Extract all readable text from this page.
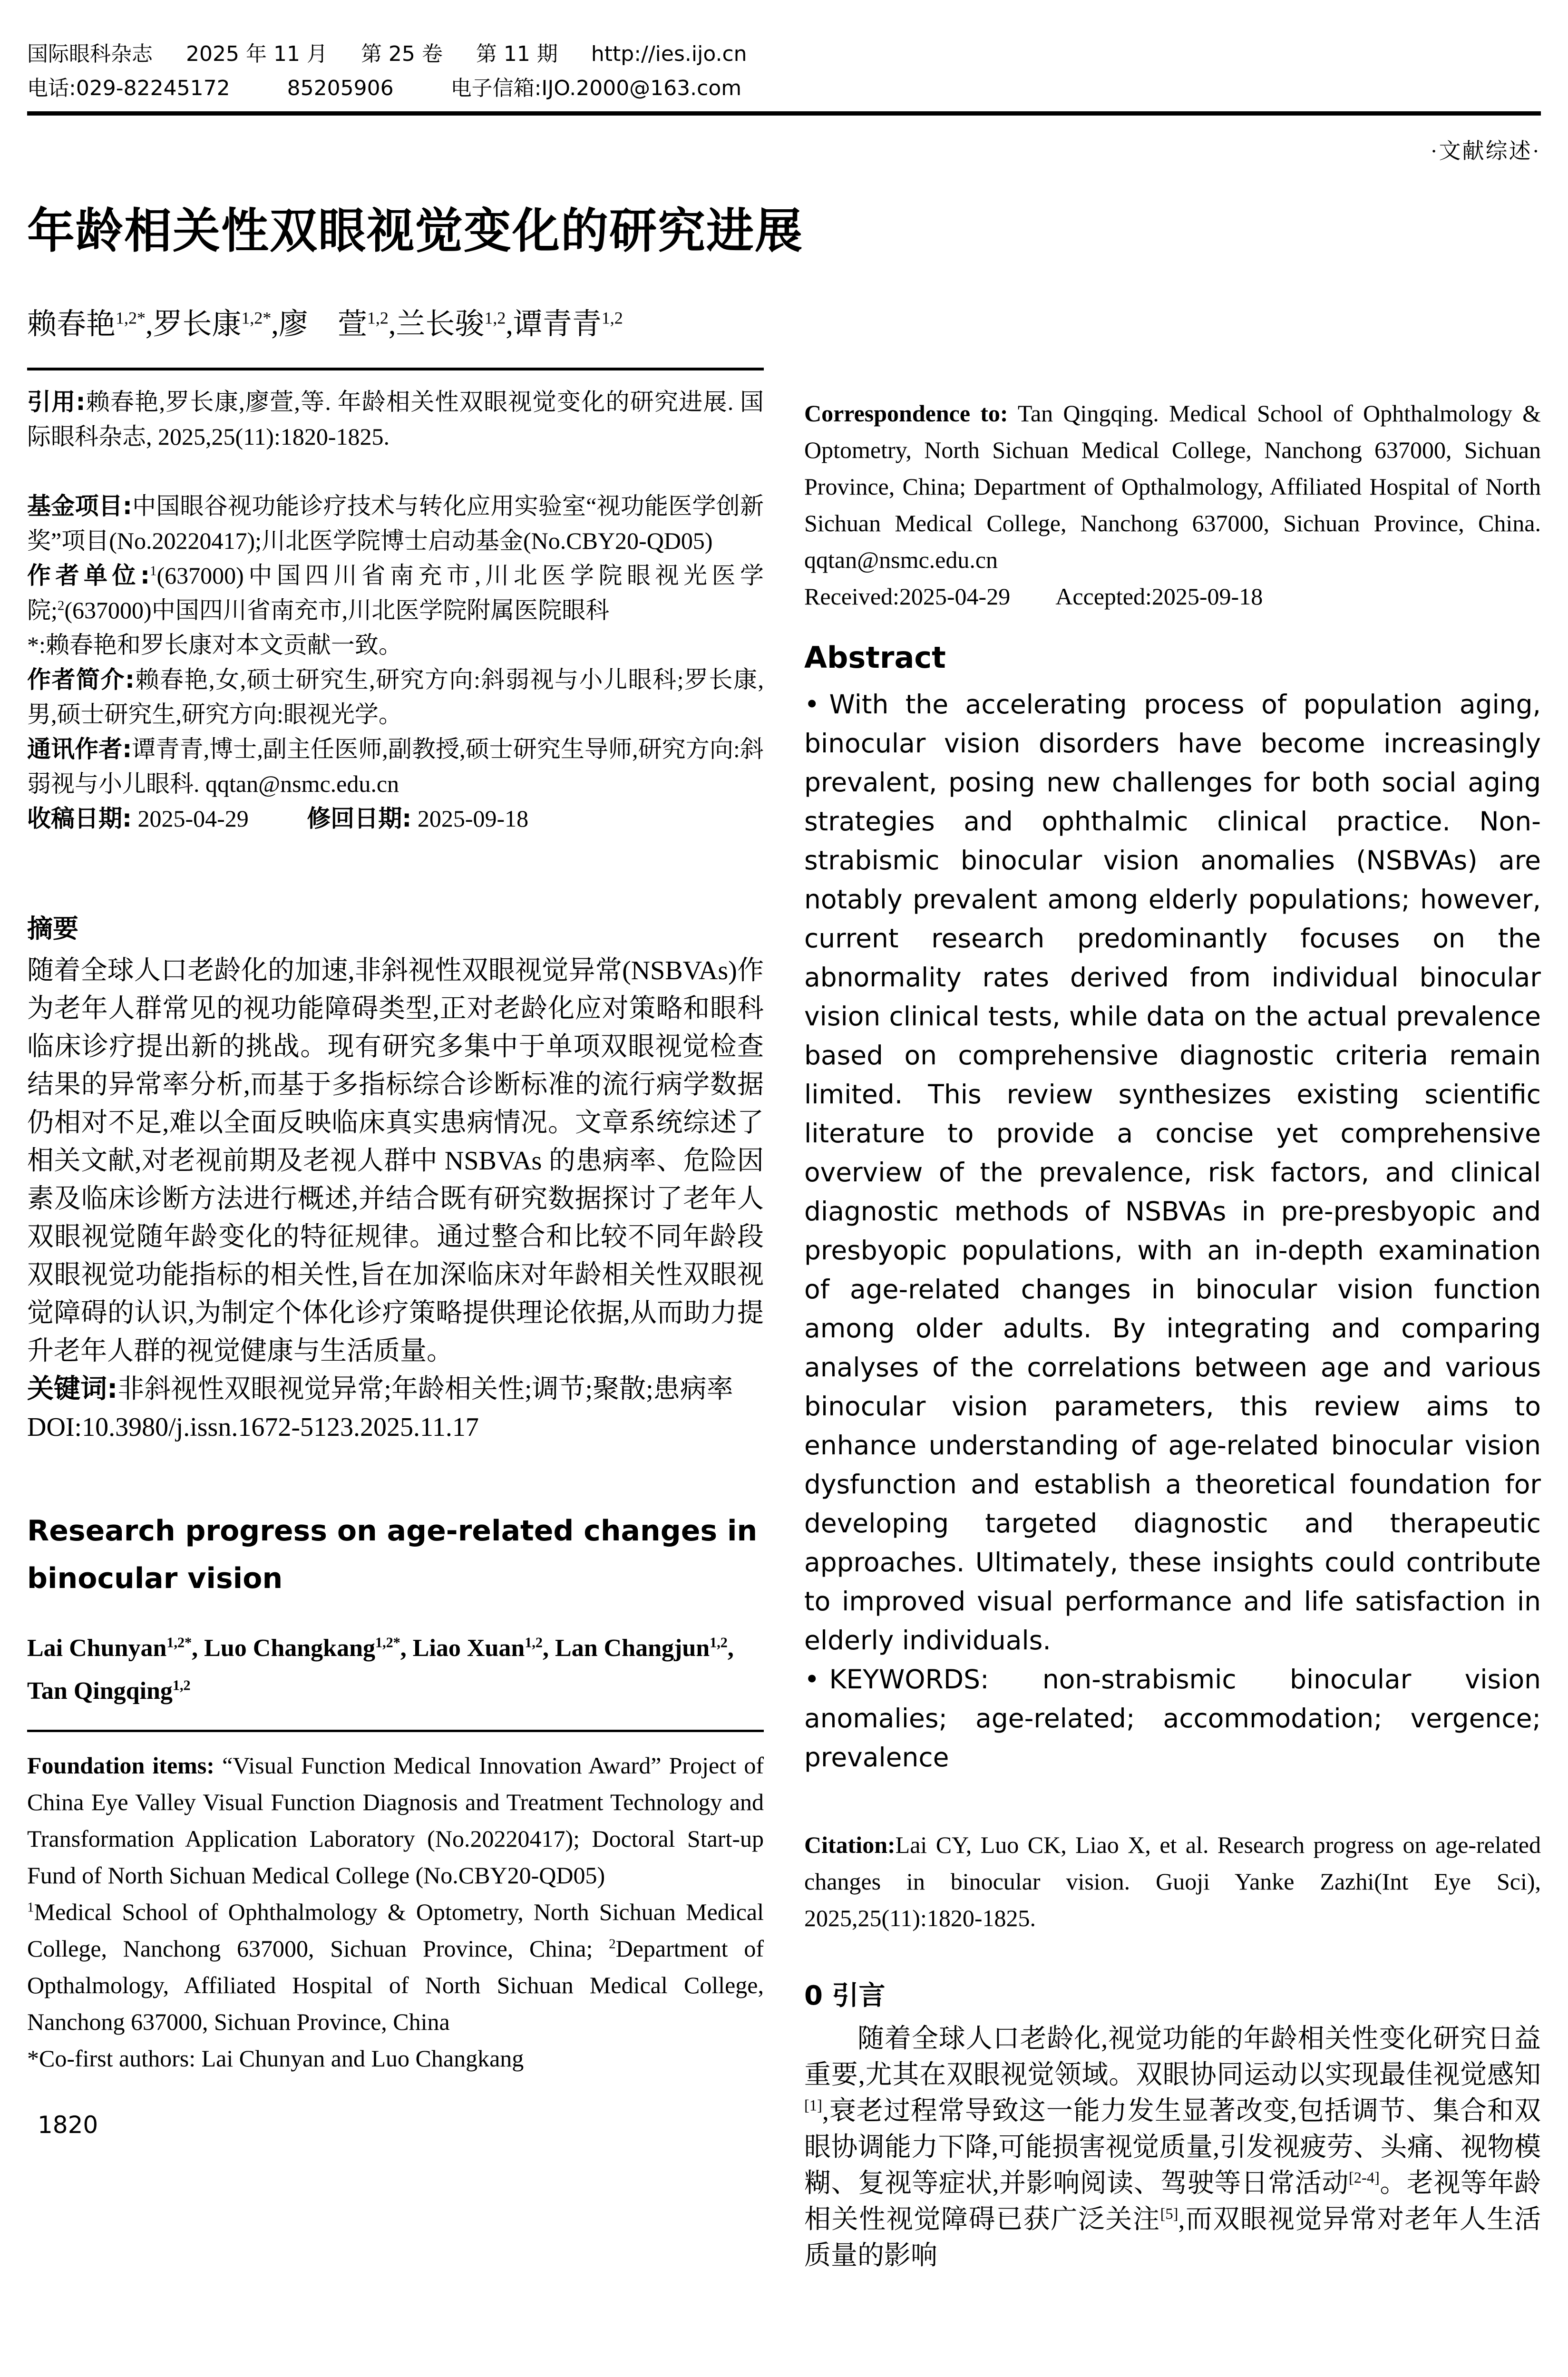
国际眼科杂志 2025 年 11 月 第 25 卷 第 11 期 http://ies.ijo.cn
电话:029-82245172	85205906	电子信箱:IJO.2000@163.com
·文献综述·
年龄相关性双眼视觉变化的研究进展
赖春艳$^{1,2*}$,罗长康$^{1,2*}$,廖　萱$^{1,2}$,兰长骏$^{1,2}$,谭青青$^{1,2}$

引用:赖春艳,罗长康,廖萱,等. 年龄相关性双眼视觉变化的研究进展. 国际眼科杂志, 2025,25(11):1820-1825.

基金项目:中国眼谷视功能诊疗技术与转化应用实验室“视功能医学创新奖”项目(No.20220417);川北医学院博士启动基金(No.CBY20-QD05)

作者单位:$^1$(637000)中国四川省南充市,川北医学院眼视光医学院;$^2$(637000)中国四川省南充市,川北医学院附属医院眼科

*:赖春艳和罗长康对本文贡献一致。

作者简介:赖春艳,女,硕士研究生,研究方向:斜弱视与小儿眼科;罗长康,男,硕士研究生,研究方向:眼视光学。

通讯作者:谭青青,博士,副主任医师,副教授,硕士研究生导师,研究方向:斜弱视与小儿眼科. qqtan@nsmc.edu.cn

收稿日期: 2025-04-29 修回日期: 2025-09-18

摘要

随着全球人口老龄化的加速,非斜视性双眼视觉异常(NSBVAs)作为老年人群常见的视功能障碍类型,正对老龄化应对策略和眼科临床诊疗提出新的挑战。现有研究多集中于单项双眼视觉检查结果的异常率分析,而基于多指标综合诊断标准的流行病学数据仍相对不足,难以全面反映临床真实患病情况。文章系统综述了相关文献,对老视前期及老视人群中 NSBVAs 的患病率、危险因素及临床诊断方法进行概述,并结合既有研究数据探讨了老年人双眼视觉随年龄变化的特征规律。通过整合和比较不同年龄段双眼视觉功能指标的相关性,旨在加深临床对年龄相关性双眼视觉障碍的认识,为制定个体化诊疗策略提供理论依据,从而助力提升老年人群的视觉健康与生活质量。

关键词:非斜视性双眼视觉异常;年龄相关性;调节;聚散;患病率

DOI:10.3980/j.issn.1672-5123.2025.11.17

Research progress on age-related changes in binocular vision
Lai Chunyan$^{1,2*}$, Luo Changkang$^{1,2*}$, Liao Xuan$^{1,2}$, Lan Changjun$^{1,2}$, Tan Qingqing$^{1,2}$

Foundation items: “Visual Function Medical Innovation Award” Project of China Eye Valley Visual Function Diagnosis and Treatment Technology and Transformation Application Laboratory (No.20220417); Doctoral Start-up Fund of North Sichuan Medical College (No.CBY20-QD05)

$^1$Medical School of Ophthalmology & Optometry, North Sichuan Medical College, Nanchong 637000, Sichuan Province, China; $^2$Department of Opthalmology, Affiliated Hospital of North Sichuan Medical College, Nanchong 637000, Sichuan Province, China

*Co-first authors: Lai Chunyan and Luo Changkang

1820

Correspondence to: Tan Qingqing. Medical School of Ophthalmology & Optometry, North Sichuan Medical College, Nanchong 637000, Sichuan Province, China; Department of Opthalmology, Affiliated Hospital of North Sichuan Medical College, Nanchong 637000, Sichuan Province, China. qqtan@nsmc.edu.cn

Received:2025-04-29 Accepted:2025-09-18

Abstract

• With the accelerating process of population aging, binocular vision disorders have become increasingly prevalent, posing new challenges for both social aging strategies and ophthalmic clinical practice. Non-strabismic binocular vision anomalies (NSBVAs) are notably prevalent among elderly populations; however, current research predominantly focuses on the abnormality rates derived from individual binocular vision clinical tests, while data on the actual prevalence based on comprehensive diagnostic criteria remain limited. This review synthesizes existing scientific literature to provide a concise yet comprehensive overview of the prevalence, risk factors, and clinical diagnostic methods of NSBVAs in pre-presbyopic and presbyopic populations, with an in-depth examination of age-related changes in binocular vision function among older adults. By integrating and comparing analyses of the correlations between age and various binocular vision parameters, this review aims to enhance understanding of age-related binocular vision dysfunction and establish a theoretical foundation for developing targeted diagnostic and therapeutic approaches. Ultimately, these insights could contribute to improved visual performance and life satisfaction in elderly individuals.

• KEYWORDS: non-strabismic binocular vision anomalies; age-related; accommodation; vergence; prevalence

Citation:Lai CY, Luo CK, Liao X, et al. Research progress on age-related changes in binocular vision. Guoji Yanke Zazhi(Int Eye Sci), 2025,25(11):1820-1825.

0 引言

随着全球人口老龄化,视觉功能的年龄相关性变化研究日益重要,尤其在双眼视觉领域。双眼协同运动以实现最佳视觉感知[1],衰老过程常导致这一能力发生显著改变,包括调节、集合和双眼协调能力下降,可能损害视觉质量,引发视疲劳、头痛、视物模糊、复视等症状,并影响阅读、驾驶等日常活动[2-4]。老视等年龄相关性视觉障碍已获广泛关注[5],而双眼视觉异常对老年人生活质量的影响
